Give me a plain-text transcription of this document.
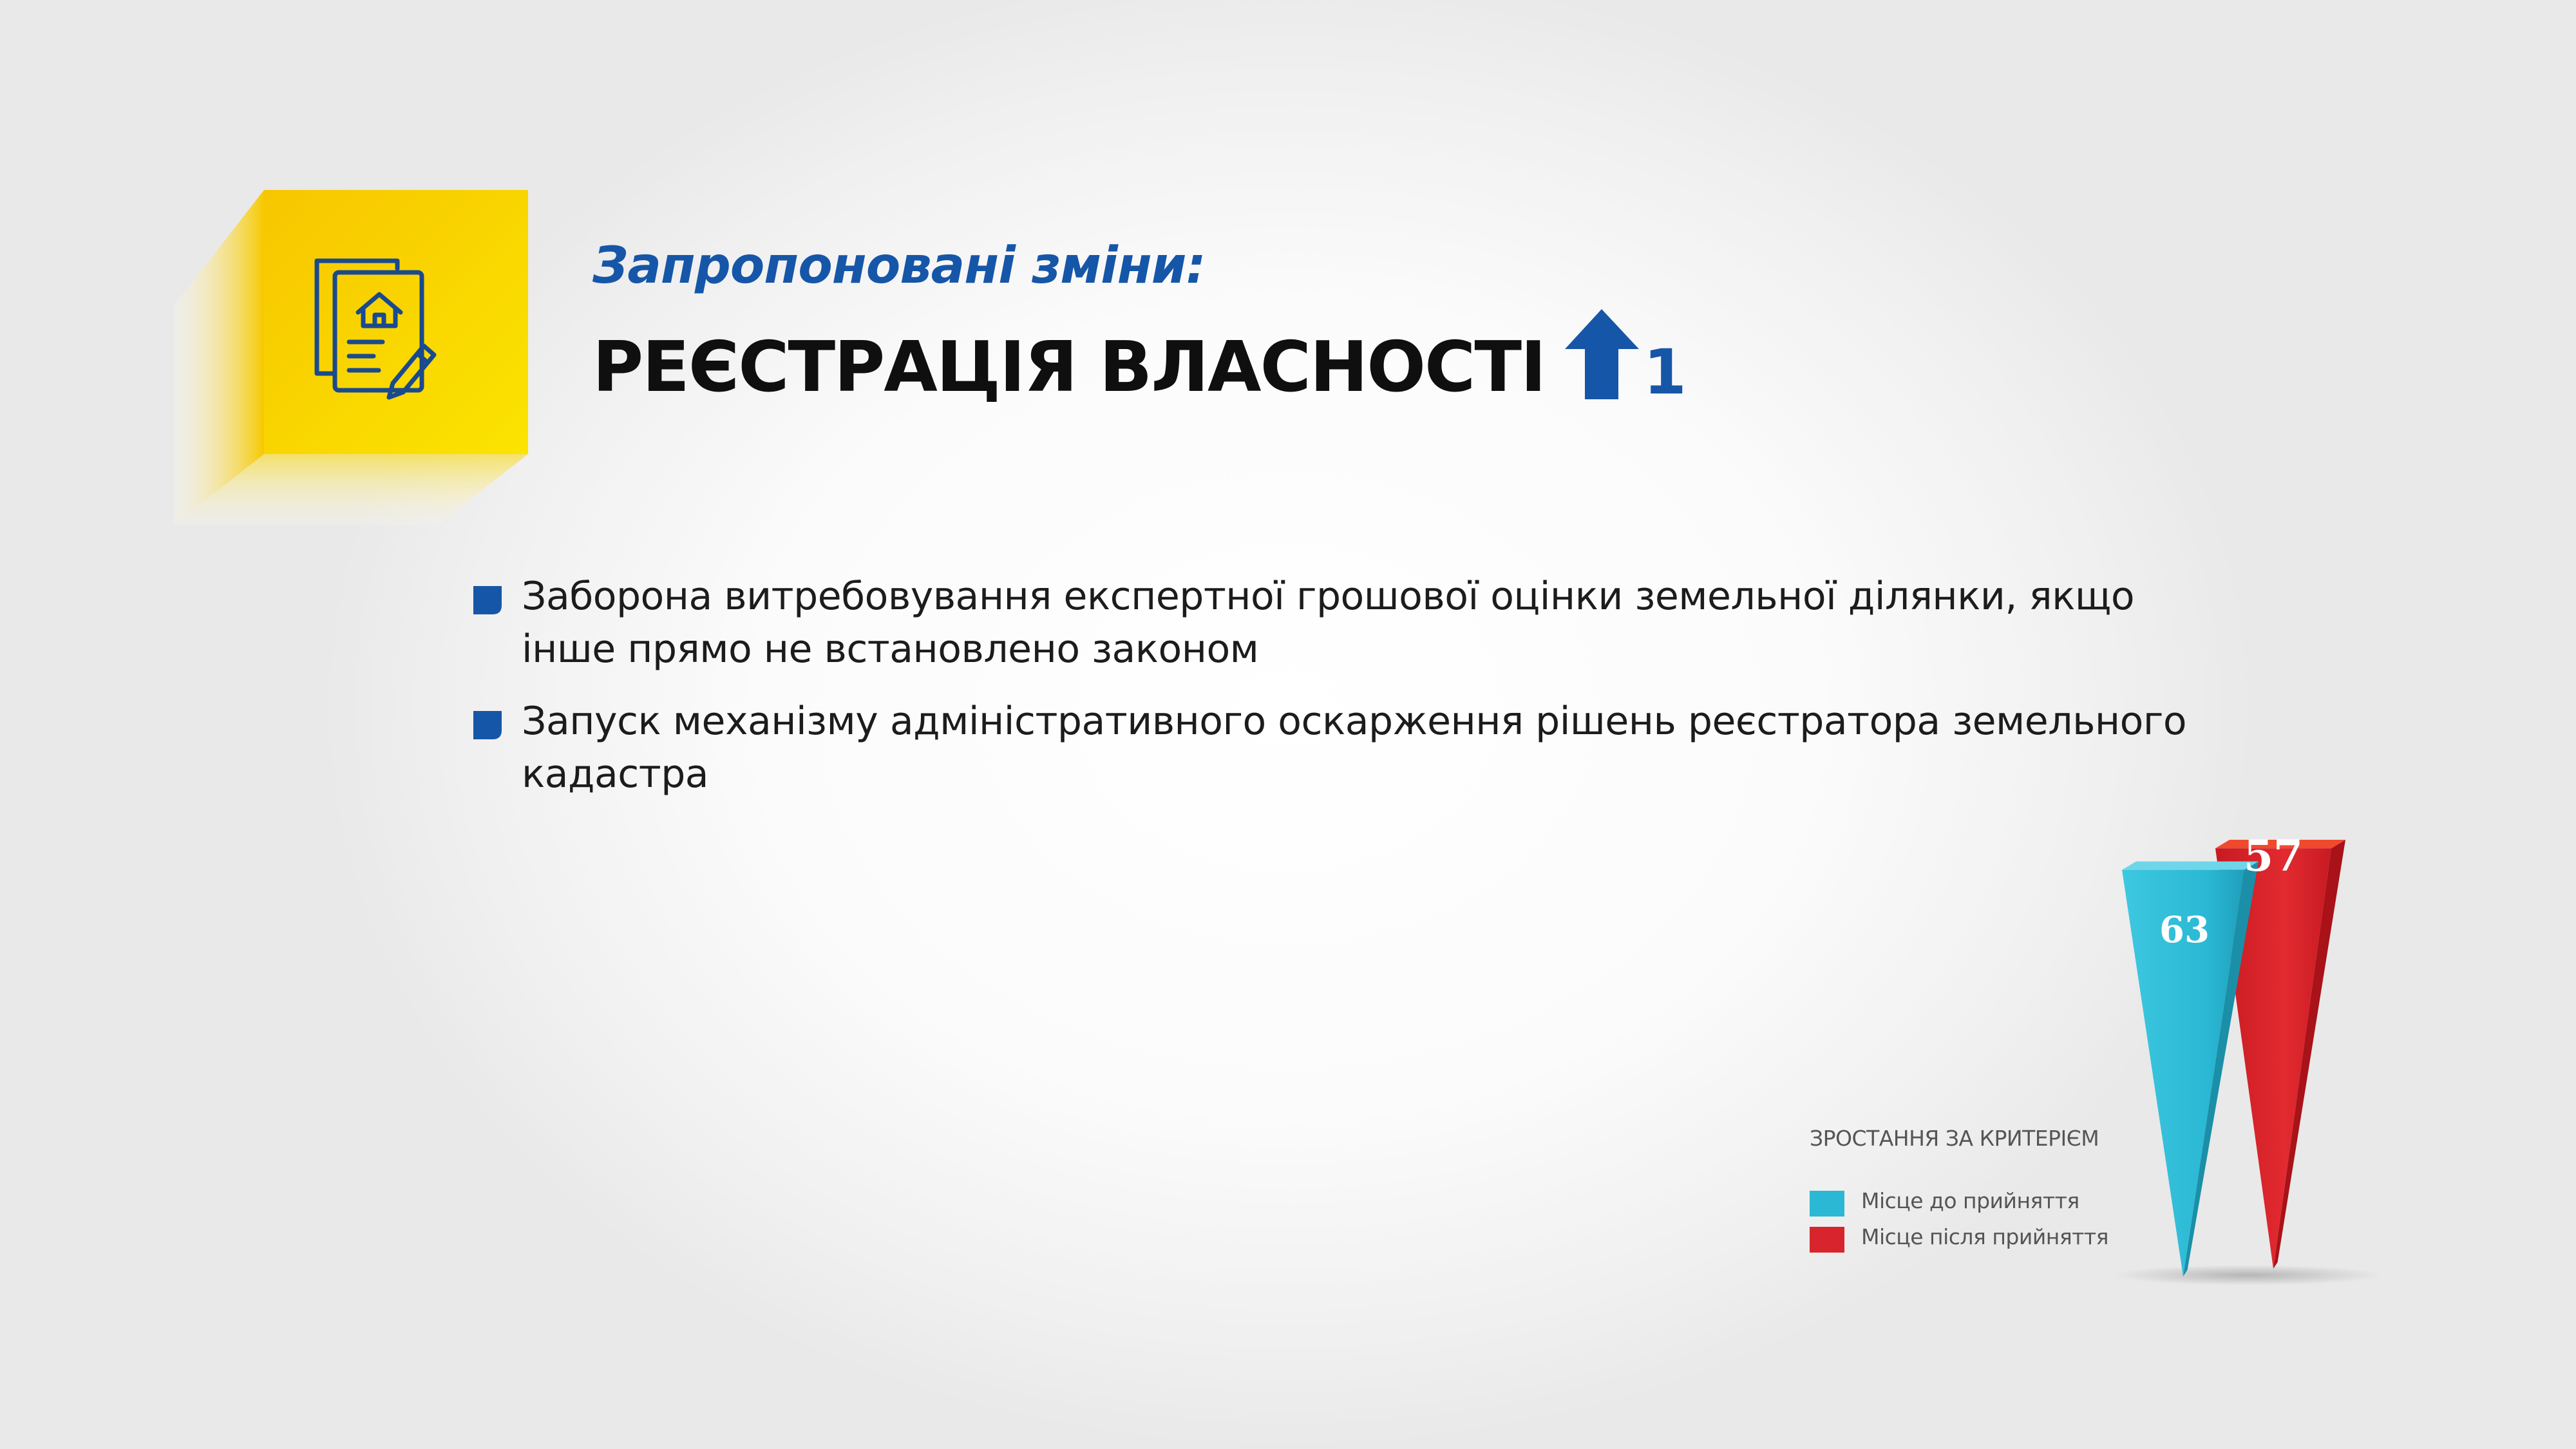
Запропоновані зміни:
РЕЄСТРАЦІЯ ВЛАСНОСТІ 1
Заборона витребовування експертної грошової оцінки земельної ділянки, якщо інше прямо не встановлено законом
Запуск механізму адміністративного оскарження рішень реєстратора земельного кадастра
57
63

ЗРОСТАННЯ ЗА КРИТЕРІЄМ

Місце до прийняття
Місце після прийняття
